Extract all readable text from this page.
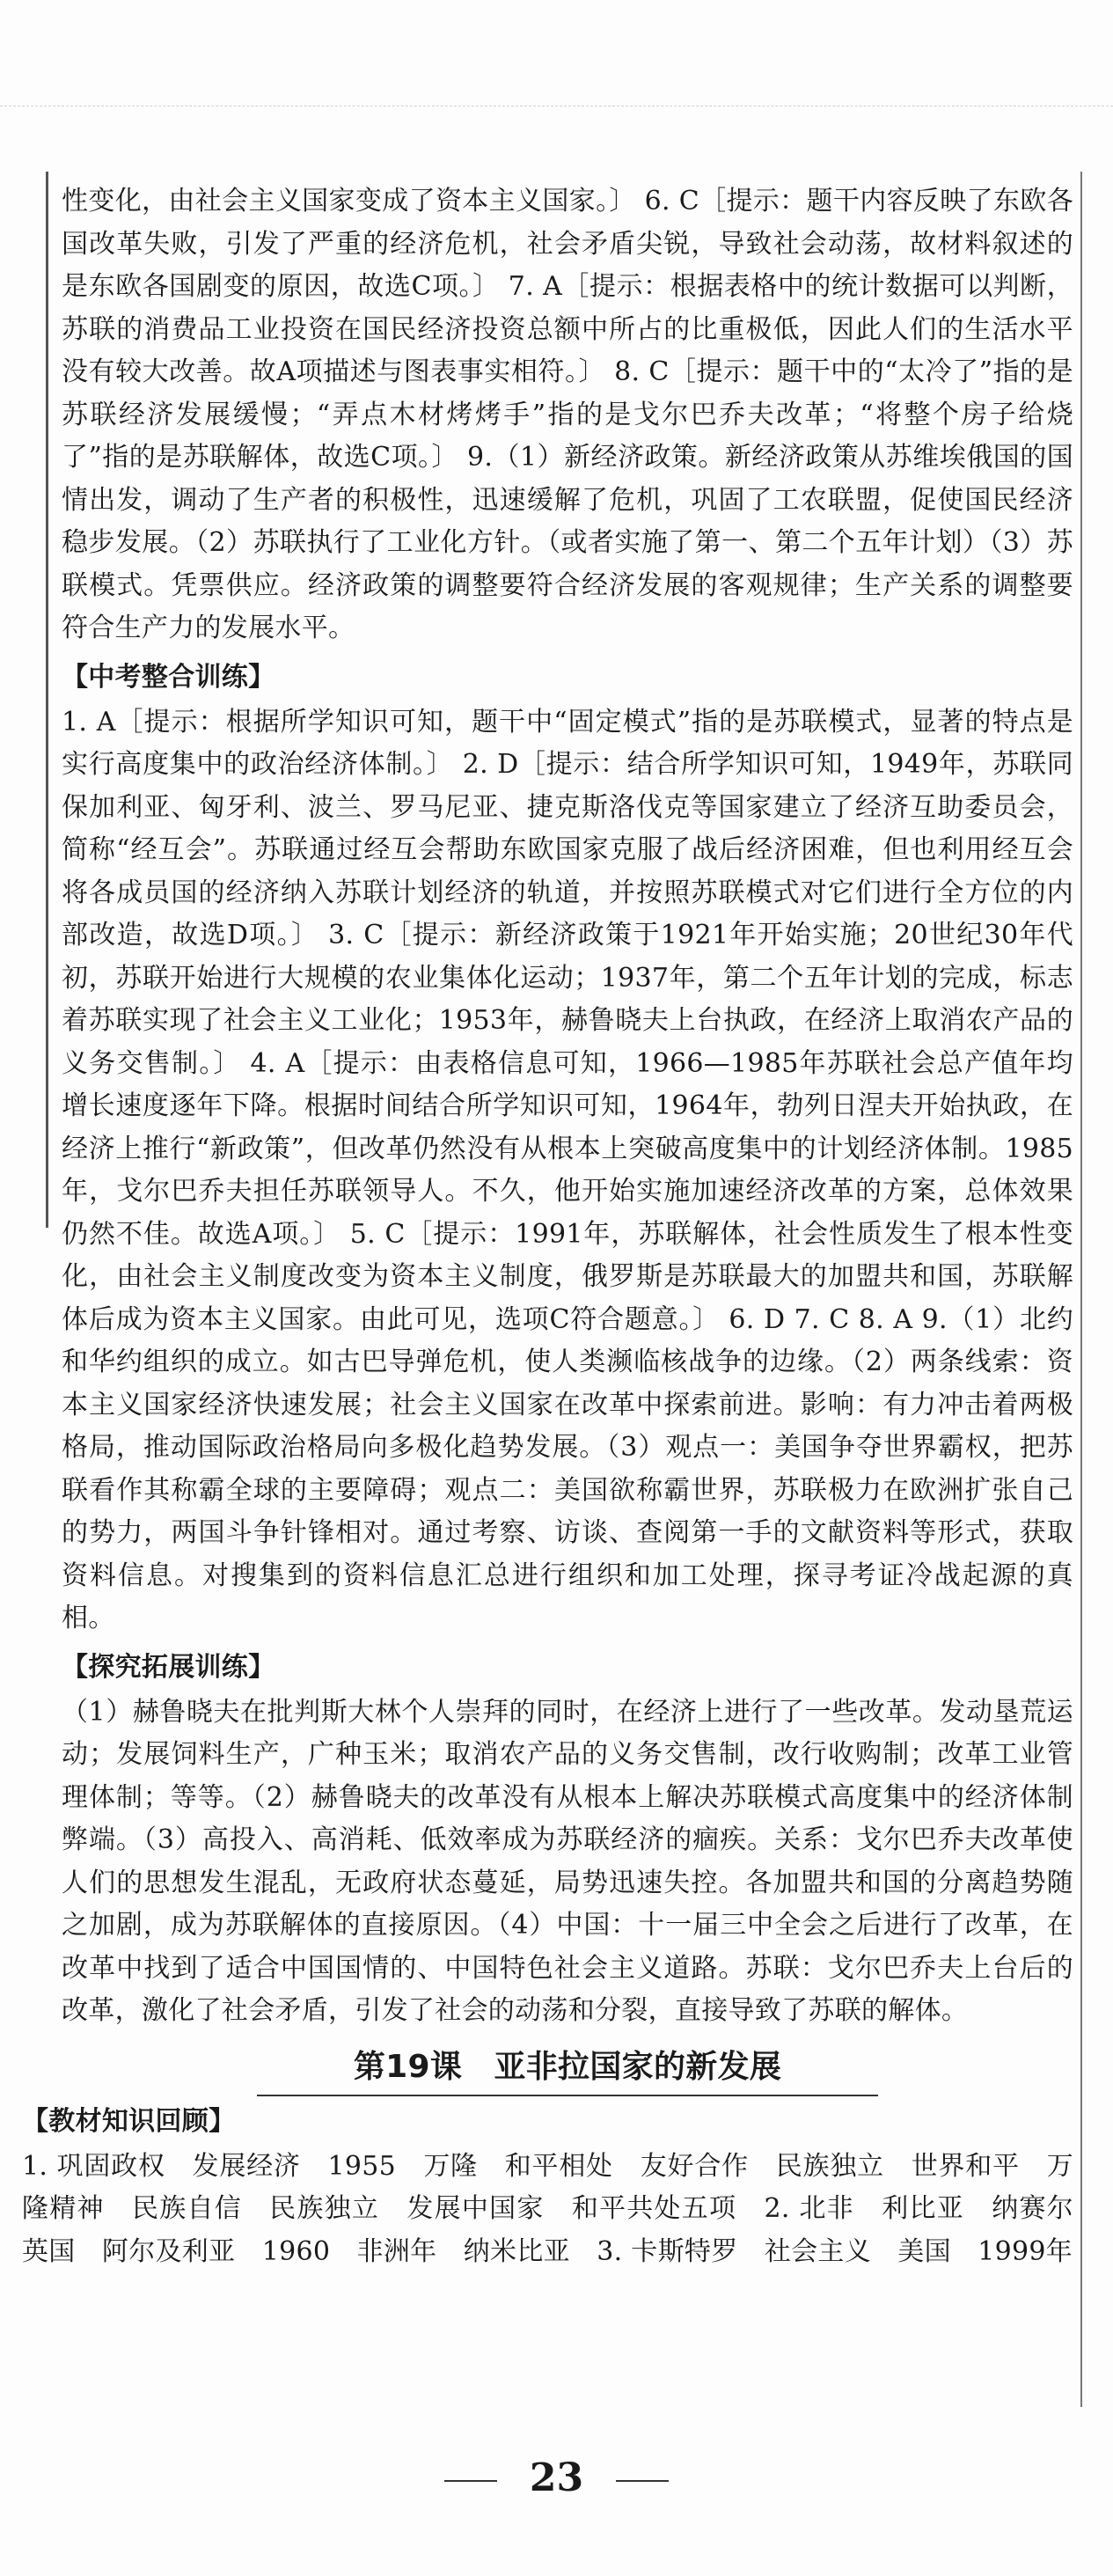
性变化，由社会主义国家变成了资本主义国家。〕 6. C［提示：题干内容反映了东欧各国改革失败，引发了严重的经济危机，社会矛盾尖锐，导致社会动荡，故材料叙述的是东欧各国剧变的原因，故选C项。〕 7. A［提示：根据表格中的统计数据可以判断，苏联的消费品工业投资在国民经济投资总额中所占的比重极低，因此人们的生活水平没有较大改善。故A项描述与图表事实相符。〕 8. C［提示：题干中的“太冷了”指的是苏联经济发展缓慢；“弄点木材烤烤手”指的是戈尔巴乔夫改革；“将整个房子给烧了”指的是苏联解体，故选C项。〕 9.（1）新经济政策。新经济政策从苏维埃俄国的国情出发，调动了生产者的积极性，迅速缓解了危机，巩固了工农联盟，促使国民经济稳步发展。（2）苏联执行了工业化方针。（或者实施了第一、第二个五年计划）（3）苏联模式。凭票供应。经济政策的调整要符合经济发展的客观规律；生产关系的调整要符合生产力的发展水平。

【中考整合训练】

1. A［提示：根据所学知识可知，题干中“固定模式”指的是苏联模式，显著的特点是实行高度集中的政治经济体制。〕 2. D［提示：结合所学知识可知，1949年，苏联同保加利亚、匈牙利、波兰、罗马尼亚、捷克斯洛伐克等国家建立了经济互助委员会，简称“经互会”。苏联通过经互会帮助东欧国家克服了战后经济困难，但也利用经互会将各成员国的经济纳入苏联计划经济的轨道，并按照苏联模式对它们进行全方位的内部改造，故选D项。〕 3. C［提示：新经济政策于1921年开始实施；20世纪30年代初，苏联开始进行大规模的农业集体化运动；1937年，第二个五年计划的完成，标志着苏联实现了社会主义工业化；1953年，赫鲁晓夫上台执政，在经济上取消农产品的义务交售制。〕 4. A［提示：由表格信息可知，1966—1985年苏联社会总产值年均增长速度逐年下降。根据时间结合所学知识可知，1964年，勃列日涅夫开始执政，在经济上推行“新政策”，但改革仍然没有从根本上突破高度集中的计划经济体制。1985年，戈尔巴乔夫担任苏联领导人。不久，他开始实施加速经济改革的方案，总体效果仍然不佳。故选A项。〕 5. C［提示：1991年，苏联解体，社会性质发生了根本性变化，由社会主义制度改变为资本主义制度，俄罗斯是苏联最大的加盟共和国，苏联解体后成为资本主义国家。由此可见，选项C符合题意。〕 6. D 7. C 8. A 9.（1）北约和华约组织的成立。如古巴导弹危机，使人类濒临核战争的边缘。（2）两条线索：资本主义国家经济快速发展；社会主义国家在改革中探索前进。影响：有力冲击着两极格局，推动国际政治格局向多极化趋势发展。（3）观点一：美国争夺世界霸权，把苏联看作其称霸全球的主要障碍；观点二：美国欲称霸世界，苏联极力在欧洲扩张自己的势力，两国斗争针锋相对。通过考察、访谈、查阅第一手的文献资料等形式，获取资料信息。对搜集到的资料信息汇总进行组织和加工处理，探寻考证冷战起源的真相。

【探究拓展训练】

（1）赫鲁晓夫在批判斯大林个人崇拜的同时，在经济上进行了一些改革。发动垦荒运动；发展饲料生产，广种玉米；取消农产品的义务交售制，改行收购制；改革工业管理体制；等等。（2）赫鲁晓夫的改革没有从根本上解决苏联模式高度集中的经济体制弊端。（3）高投入、高消耗、低效率成为苏联经济的痼疾。关系：戈尔巴乔夫改革使人们的思想发生混乱，无政府状态蔓延，局势迅速失控。各加盟共和国的分离趋势随之加剧，成为苏联解体的直接原因。（4）中国：十一届三中全会之后进行了改革，在改革中找到了适合中国国情的、中国特色社会主义道路。苏联：戈尔巴乔夫上台后的改革，激化了社会矛盾，引发了社会的动荡和分裂，直接导致了苏联的解体。

第19课　亚非拉国家的新发展
【教材知识回顾】

1. 巩固政权　发展经济　1955　万隆　和平相处　友好合作　民族独立　世界和平　万隆精神　民族自信　民族独立　发展中国家　和平共处五项　2. 北非　利比亚　纳赛尔　英国　阿尔及利亚　1960　非洲年　纳米比亚　3. 卡斯特罗　社会主义　美国　1999年

23
